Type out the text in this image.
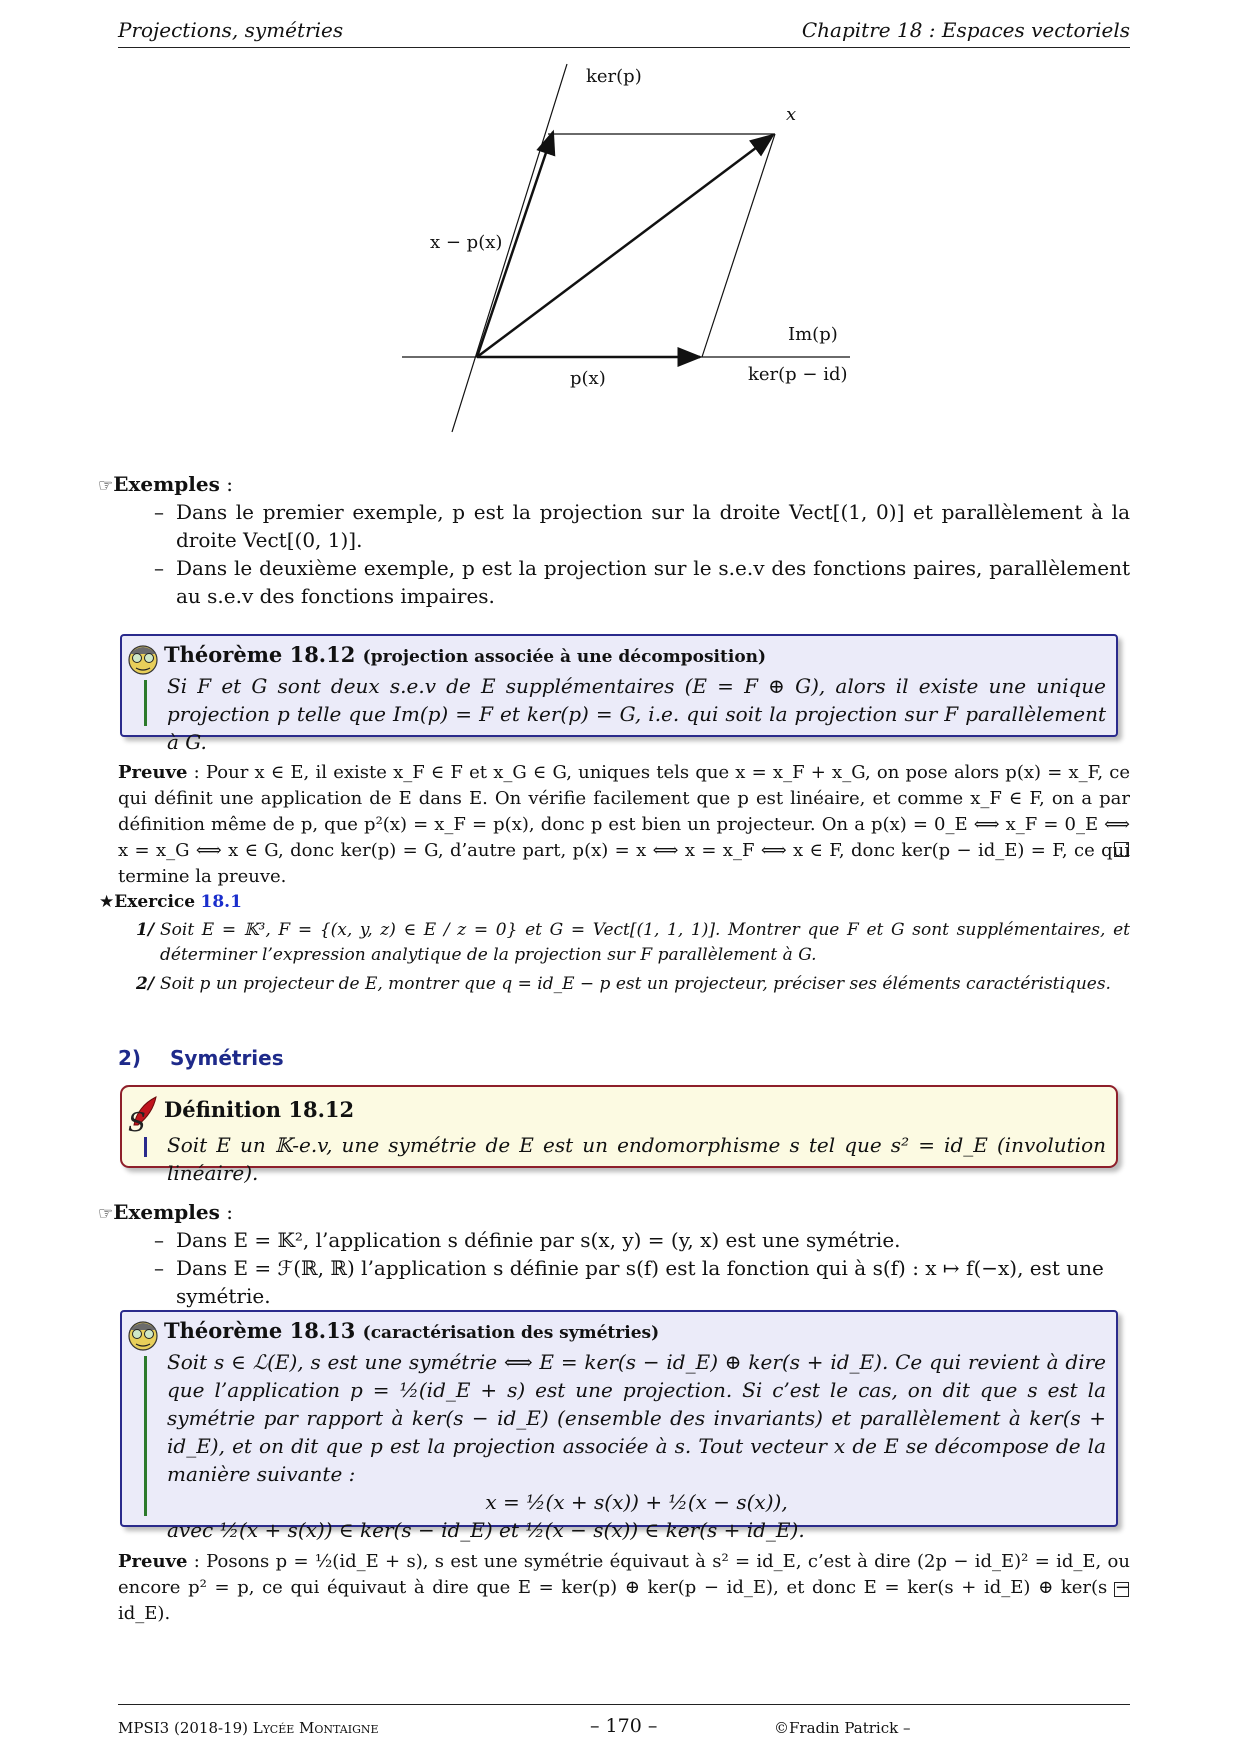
Projections, symétries	Chapitre 18 : Espaces vectoriels
ker(p)
x
x − p(x)
Im(p)
p(x)	ker(p − id)
☞Exemples :
– Dans le premier exemple, p est la projection sur la droite Vect[(1, 0)] et parallèlement à la droite Vect[(0, 1)].
– Dans le deuxième exemple, p est la projection sur le s.e.v des fonctions paires, parallèlement au s.e.v des fonctions impaires.
Théorème 18.12 (projection associée à une décomposition)
Si F et G sont deux s.e.v de E supplémentaires (E = F ⊕ G), alors il existe une unique projection p telle que Im(p) = F et ker(p) = G, i.e. qui soit la projection sur F parallèlement à G.
Preuve : Pour x ∈ E, il existe x_F ∈ F et x_G ∈ G, uniques tels que x = x_F + x_G, on pose alors p(x) = x_F, ce qui définit une application de E dans E. On vérifie facilement que p est linéaire, et comme x_F ∈ F, on a par définition même de p, que p²(x) = x_F = p(x), donc p est bien un projecteur. On a p(x) = 0_E ⟺ x_F = 0_E ⟺ x = x_G ⟺ x ∈ G, donc ker(p) = G, d’autre part, p(x) = x ⟺ x = x_F ⟺ x ∈ F, donc ker(p − id_E) = F, ce qui termine la preuve.
★Exercice 18.1
1/ Soit E = 𝕂³, F = {(x, y, z) ∈ E / z = 0} et G = Vect[(1, 1, 1)]. Montrer que F et G sont supplémentaires, et déterminer l’expression analytique de la projection sur F parallèlement à G.
2/ Soit p un projecteur de E, montrer que q = id_E − p est un projecteur, préciser ses éléments caractéristiques.
2) Symétries
S Définition 18.12
Soit E un 𝕂-e.v, une symétrie de E est un endomorphisme s tel que s² = id_E (involution linéaire).
☞Exemples :
– Dans E = 𝕂², l’application s définie par s(x, y) = (y, x) est une symétrie.
– Dans E = ℱ(ℝ, ℝ) l’application s définie par s(f) est la fonction qui à s(f) : x ↦ f(−x), est une symétrie.
Théorème 18.13 (caractérisation des symétries)
Soit s ∈ ℒ(E), s est une symétrie ⟺ E = ker(s − id_E) ⊕ ker(s + id_E). Ce qui revient à dire que l’application p = ½(id_E + s) est une projection. Si c’est le cas, on dit que s est la symétrie par rapport à ker(s − id_E) (ensemble des invariants) et parallèlement à ker(s + id_E), et on dit que p est la projection associée à s. Tout vecteur x de E se décompose de la manière suivante :
x = ½(x + s(x)) + ½(x − s(x)),
avec ½(x + s(x)) ∈ ker(s − id_E) et ½(x − s(x)) ∈ ker(s + id_E).
Preuve : Posons p = ½(id_E + s), s est une symétrie équivaut à s² = id_E, c’est à dire (2p − id_E)² = id_E, ou encore p² = p, ce qui équivaut à dire que E = ker(p) ⊕ ker(p − id_E), et donc E = ker(s + id_E) ⊕ ker(s − id_E).
MPSI3 (2018-19) Lycée Montaigne	– 170 –	©Fradin Patrick –
